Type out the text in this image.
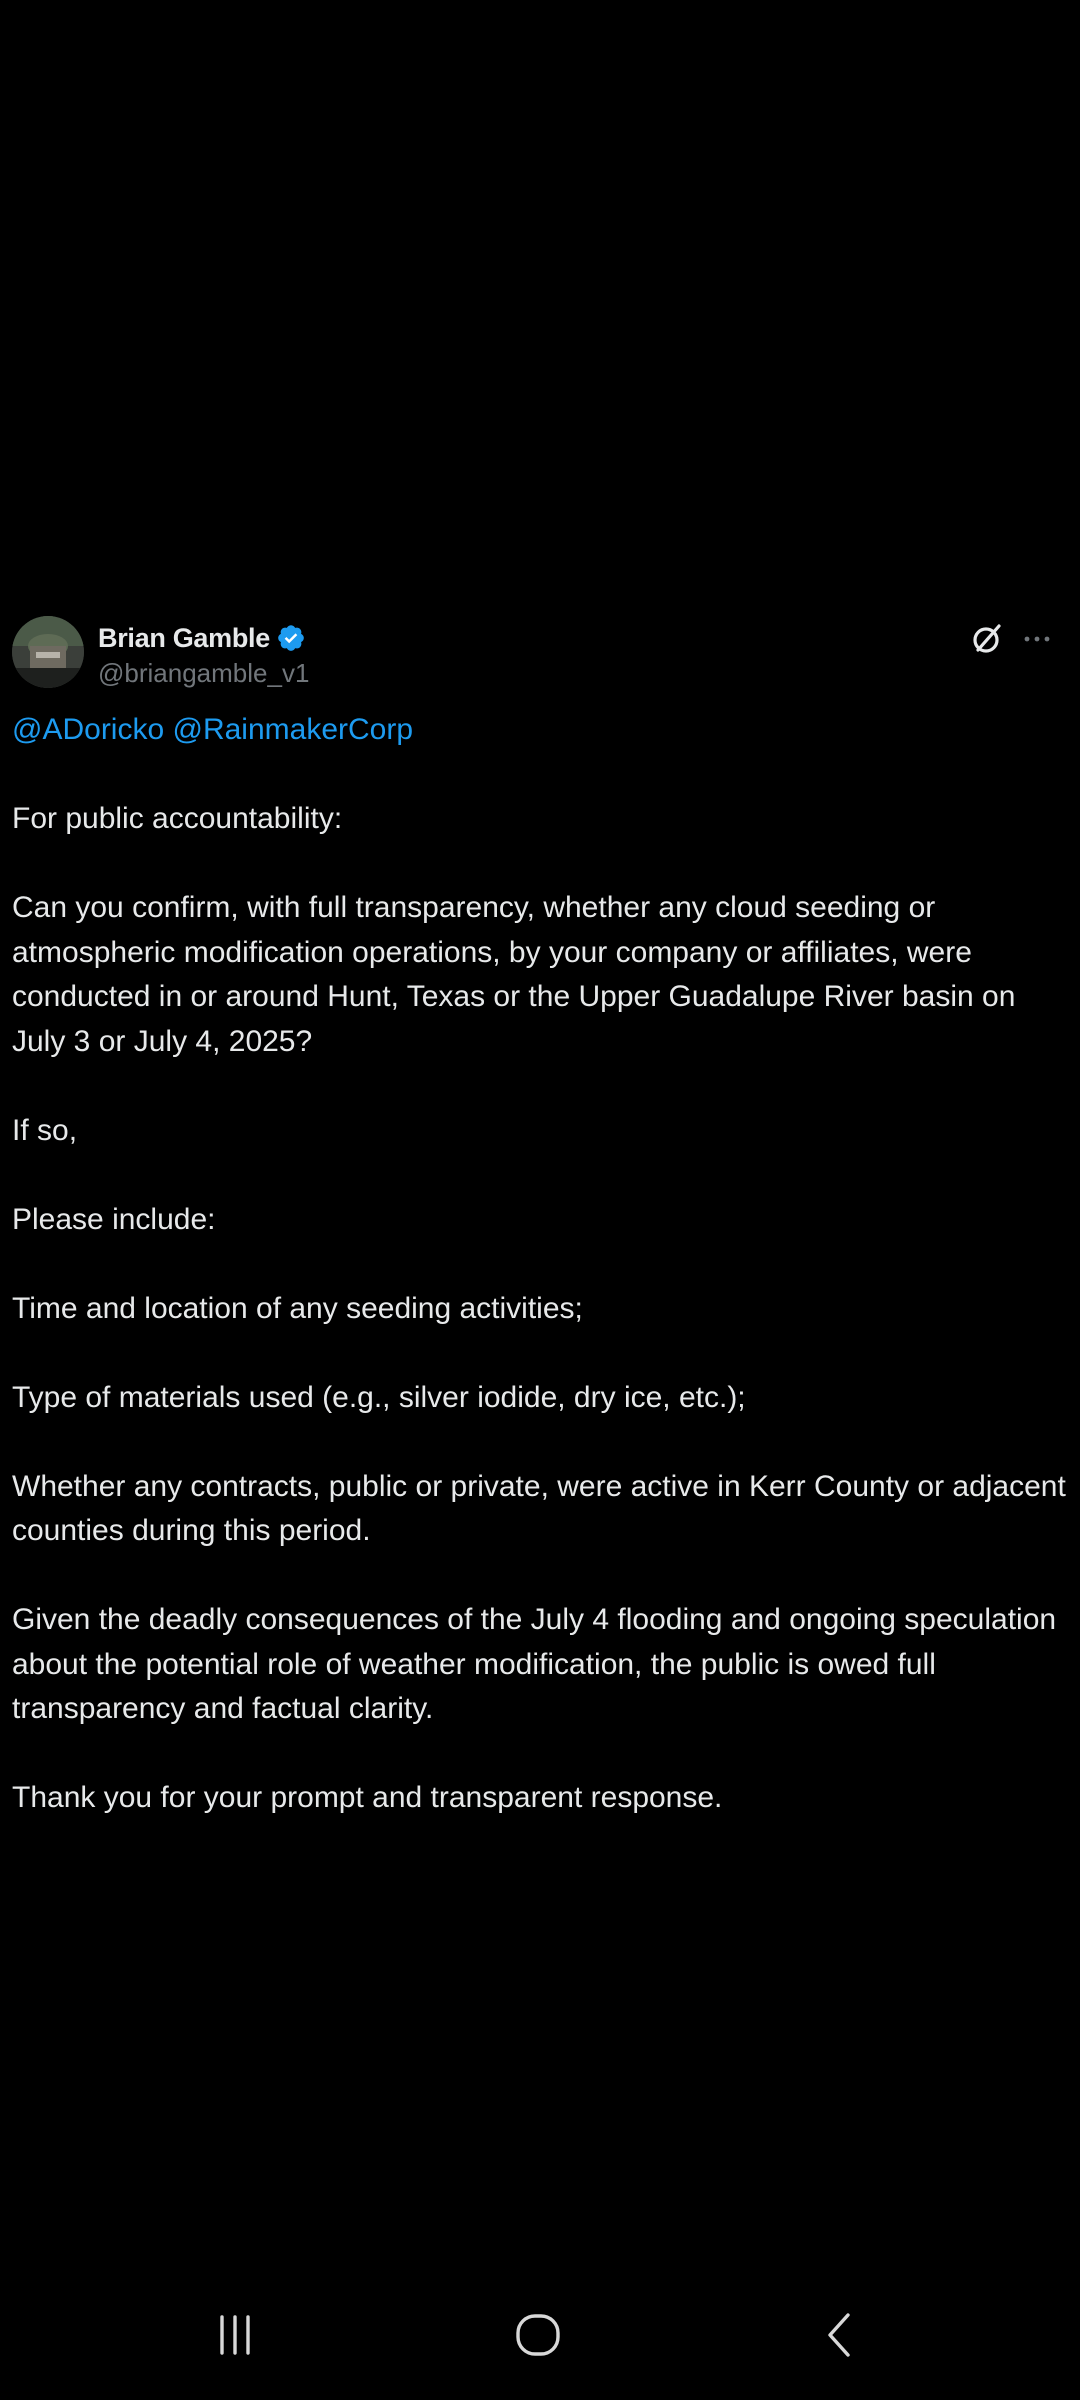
Brian Gamble
@briangamble_v1
@ADoricko @RainmakerCorp

For public accountability:

Can you confirm, with full transparency, whether any cloud seeding or atmospheric modification operations, by your company or affiliates, were conducted in or around Hunt, Texas or the Upper Guadalupe River basin on July 3 or July 4, 2025?

If so,

Please include:

Time and location of any seeding activities;

Type of materials used (e.g., silver iodide, dry ice, etc.);

Whether any contracts, public or private, were active in Kerr County or adjacent counties during this period.

Given the deadly consequences of the July 4 flooding and ongoing speculation about the potential role of weather modification, the public is owed full transparency and factual clarity.

Thank you for your prompt and transparent response.
